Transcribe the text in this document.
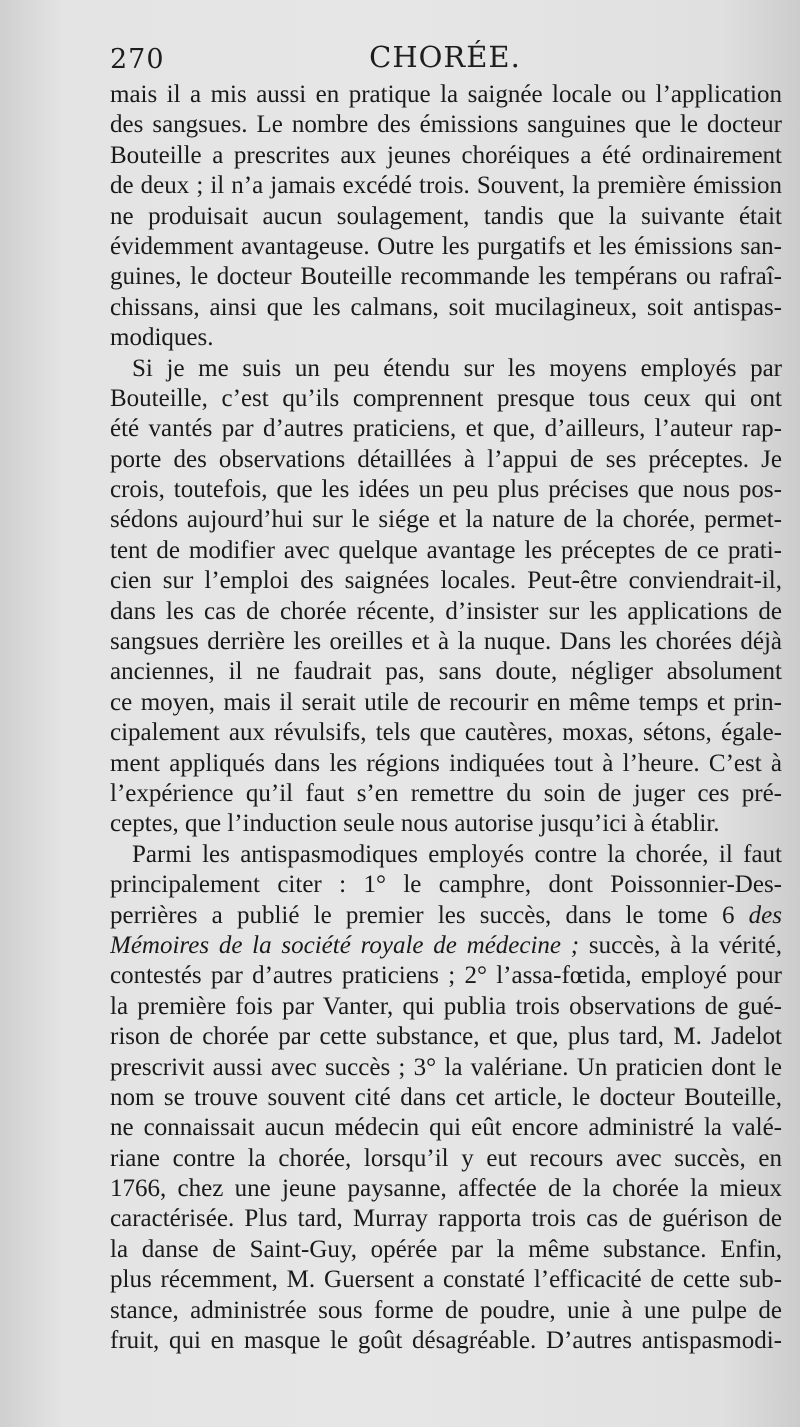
270	CHORÉE.
mais il a mis aussi en pratique la saignée locale ou l’application
des sangsues. Le nombre des émissions sanguines que le docteur
Bouteille a prescrites aux jeunes choréiques a été ordinairement
de deux ; il n’a jamais excédé trois. Souvent, la première émission
ne produisait aucun soulagement, tandis que la suivante était
évidemment avantageuse. Outre les purgatifs et les émissions san-
guines, le docteur Bouteille recommande les tempérans ou rafraî-
chissans, ainsi que les calmans, soit mucilagineux, soit antispas-
modiques.
Si je me suis un peu étendu sur les moyens employés par
Bouteille, c’est qu’ils comprennent presque tous ceux qui ont
été vantés par d’autres praticiens, et que, d’ailleurs, l’auteur rap-
porte des observations détaillées à l’appui de ses préceptes. Je
crois, toutefois, que les idées un peu plus précises que nous pos-
sédons aujourd’hui sur le siége et la nature de la chorée, permet-
tent de modifier avec quelque avantage les préceptes de ce prati-
cien sur l’emploi des saignées locales. Peut-être conviendrait-il,
dans les cas de chorée récente, d’insister sur les applications de
sangsues derrière les oreilles et à la nuque. Dans les chorées déjà
anciennes, il ne faudrait pas, sans doute, négliger absolument
ce moyen, mais il serait utile de recourir en même temps et prin-
cipalement aux révulsifs, tels que cautères, moxas, sétons, égale-
ment appliqués dans les régions indiquées tout à l’heure. C’est à
l’expérience qu’il faut s’en remettre du soin de juger ces pré-
ceptes, que l’induction seule nous autorise jusqu’ici à établir.
Parmi les antispasmodiques employés contre la chorée, il faut
principalement citer : 1° le camphre, dont Poissonnier-Des-
perrières a publié le premier les succès, dans le tome 6 des
Mémoires de la société royale de médecine ; succès, à la vérité,
contestés par d’autres praticiens ; 2° l’assa-fœtida, employé pour
la première fois par Vanter, qui publia trois observations de gué-
rison de chorée par cette substance, et que, plus tard, M. Jadelot
prescrivit aussi avec succès ; 3° la valériane. Un praticien dont le
nom se trouve souvent cité dans cet article, le docteur Bouteille,
ne connaissait aucun médecin qui eût encore administré la valé-
riane contre la chorée, lorsqu’il y eut recours avec succès, en
1766, chez une jeune paysanne, affectée de la chorée la mieux
caractérisée. Plus tard, Murray rapporta trois cas de guérison de
la danse de Saint-Guy, opérée par la même substance. Enfin,
plus récemment, M. Guersent a constaté l’efficacité de cette sub-
stance, administrée sous forme de poudre, unie à une pulpe de
fruit, qui en masque le goût désagréable. D’autres antispasmodi-
